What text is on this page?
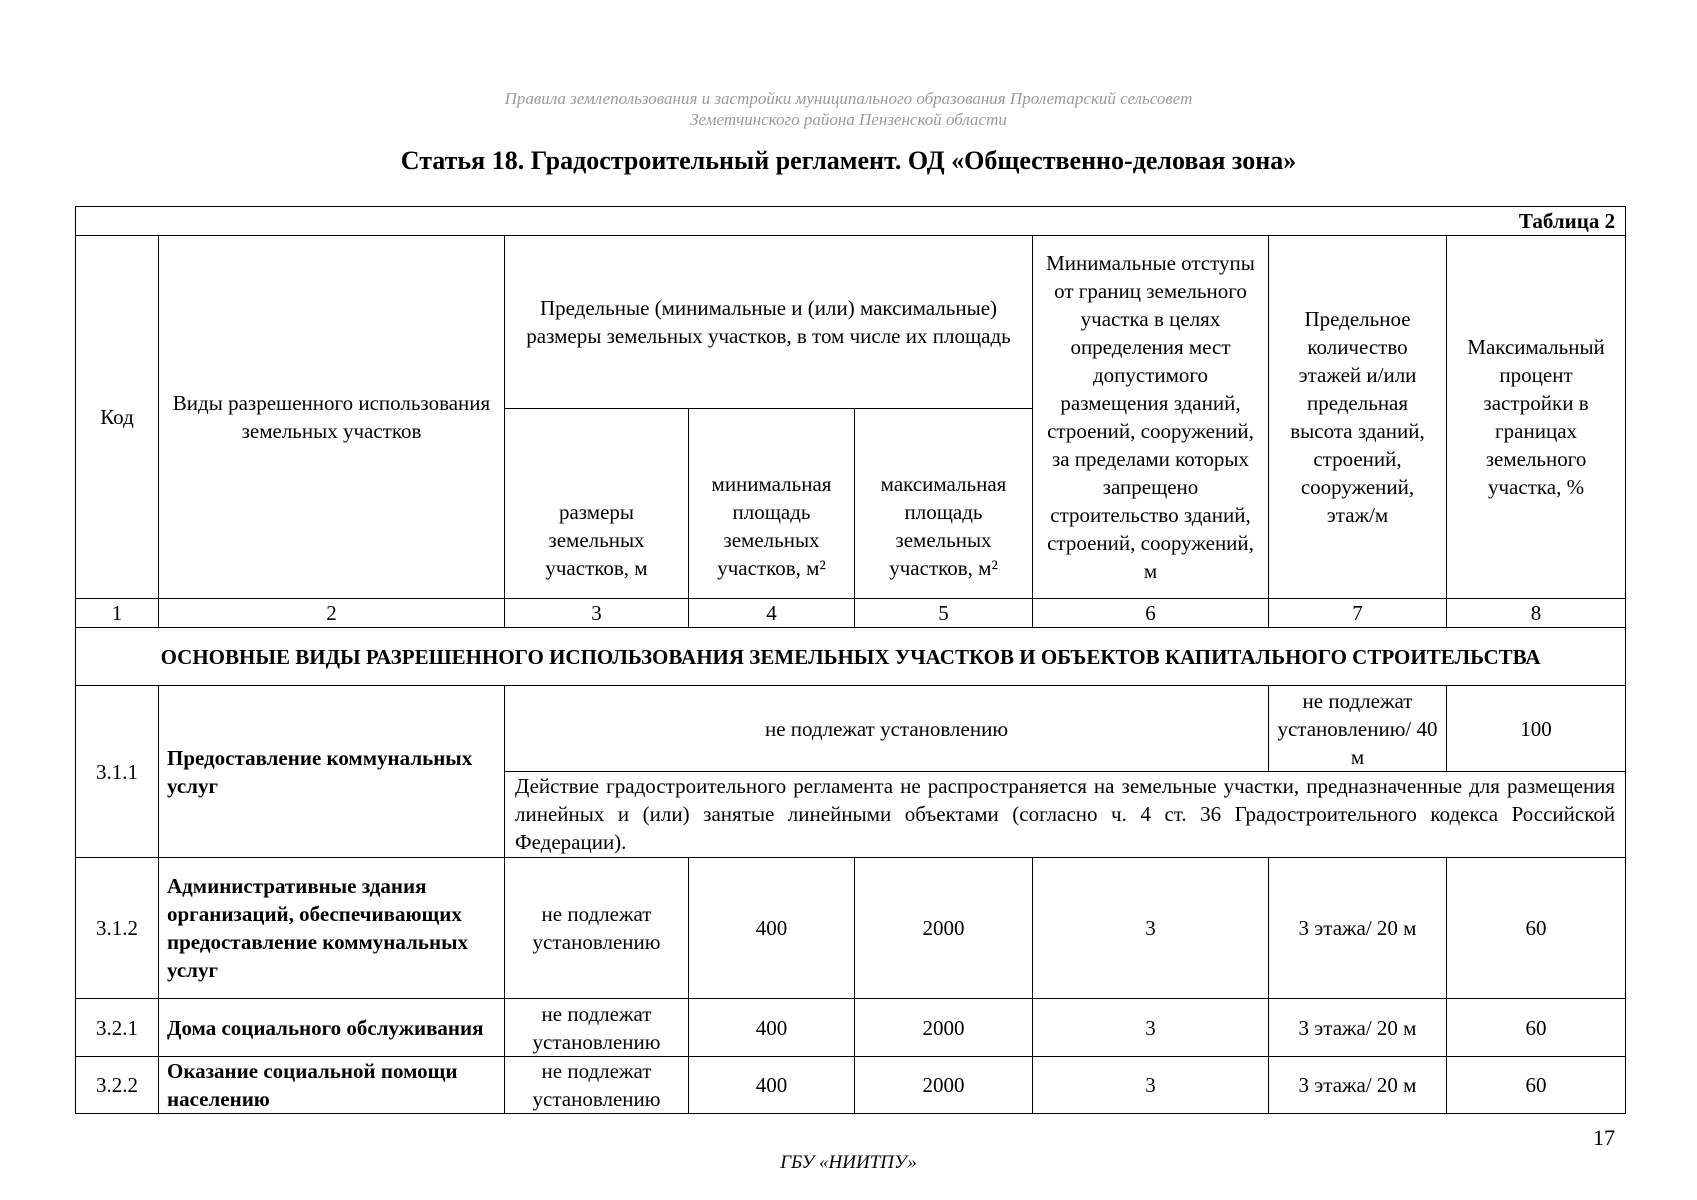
Правила землепользования и застройки муниципального образования Пролетарский сельсовет
Земетчинского района Пензенской области
Статья 18. Градостроительный регламент. ОД «Общественно-деловая зона»
Таблица 2							
Код	Виды разрешенного использования земельных участков	Предельные (минимальные и (или) максимальные) размеры земельных участков, в том числе их площадь			Минимальные отступы от границ земельного участка в целях определения мест допустимого размещения зданий, строений, сооружений, за пределами которых запрещено строительство зданий, строений, сооружений, м	Предельное количество этажей и/или предельная высота зданий, строений, сооружений, этаж/м	Максимальный процент застройки в границах земельного участка, %
		размеры земельных участков, м	минимальная площадь земельных участков, м²	максимальная площадь земельных участков, м²			
1	2	3	4	5	6	7	8
ОСНОВНЫЕ ВИДЫ РАЗРЕШЕННОГО ИСПОЛЬЗОВАНИЯ ЗЕМЕЛЬНЫХ УЧАСТКОВ И ОБЪЕКТОВ КАПИТАЛЬНОГО СТРОИТЕЛЬСТВА							
3.1.1	Предоставление коммунальных услуг	не подлежат установлению				не подлежат установлению/ 40 м	100
		Действие градостроительного регламента не распространяется на земельные участки, предназначенные для размещения линейных и (или) занятые линейными объектами (согласно ч. 4 ст. 36 Градостроительного кодекса Российской Федерации).					
3.1.2	Административные здания организаций, обеспечивающих предоставление коммунальных услуг	не подлежат установлению	400	2000	3	3 этажа/ 20 м	60
3.2.1	Дома социального обслуживания	не подлежат установлению	400	2000	3	3 этажа/ 20 м	60
3.2.2	Оказание социальной помощи населению	не подлежат установлению	400	2000	3	3 этажа/ 20 м	60
17
ГБУ «НИИТПУ»
